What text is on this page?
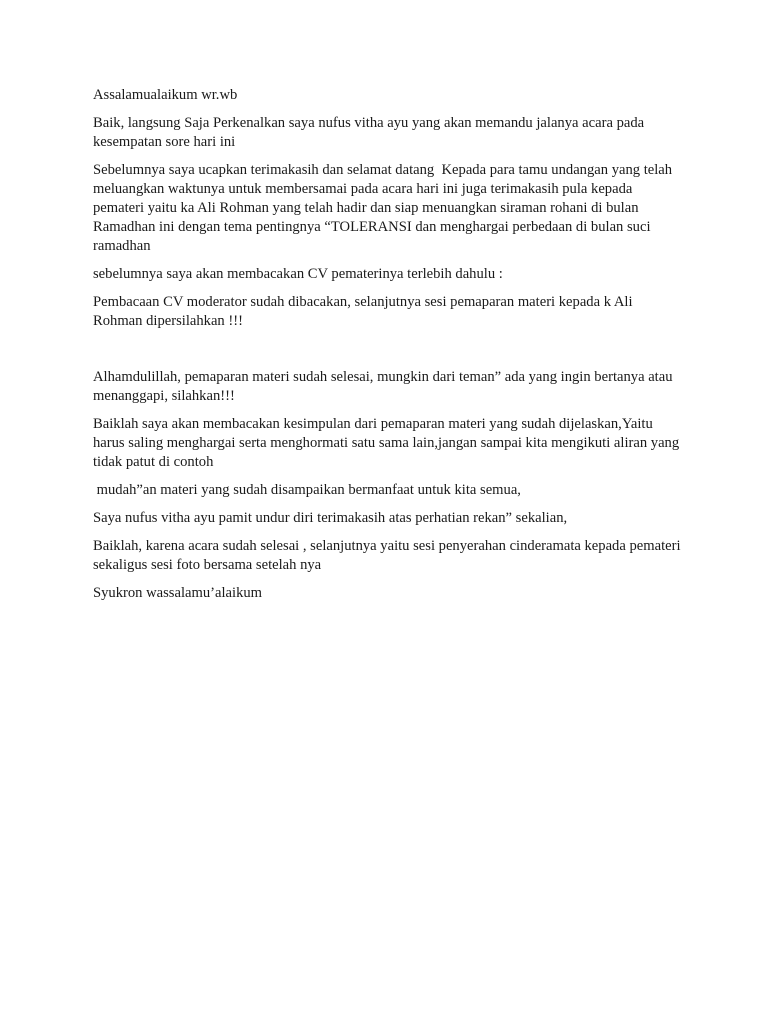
Assalamualaikum wr.wb

Baik, langsung Saja Perkenalkan saya nufus vitha ayu yang akan memandu jalanya acara pada kesempatan sore hari ini

Sebelumnya saya ucapkan terimakasih dan selamat datang  Kepada para tamu undangan yang telah meluangkan waktunya untuk membersamai pada acara hari ini juga terimakasih pula kepada pemateri yaitu ka Ali Rohman yang telah hadir dan siap menuangkan siraman rohani di bulan Ramadhan ini dengan tema pentingnya “TOLERANSI dan menghargai perbedaan di bulan suci ramadhan

sebelumnya saya akan membacakan CV pematerinya terlebih dahulu :

Pembacaan CV moderator sudah dibacakan, selanjutnya sesi pemaparan materi kepada k Ali Rohman dipersilahkan !!!

Alhamdulillah, pemaparan materi sudah selesai, mungkin dari teman” ada yang ingin bertanya atau menanggapi, silahkan!!!

Baiklah saya akan membacakan kesimpulan dari pemaparan materi yang sudah dijelaskan,Yaitu harus saling menghargai serta menghormati satu sama lain,jangan sampai kita mengikuti aliran yang tidak patut di contoh

mudah”an materi yang sudah disampaikan bermanfaat untuk kita semua,

Saya nufus vitha ayu pamit undur diri terimakasih atas perhatian rekan” sekalian,

Baiklah, karena acara sudah selesai , selanjutnya yaitu sesi penyerahan cinderamata kepada pemateri sekaligus sesi foto bersama setelah nya

Syukron wassalamu’alaikum
